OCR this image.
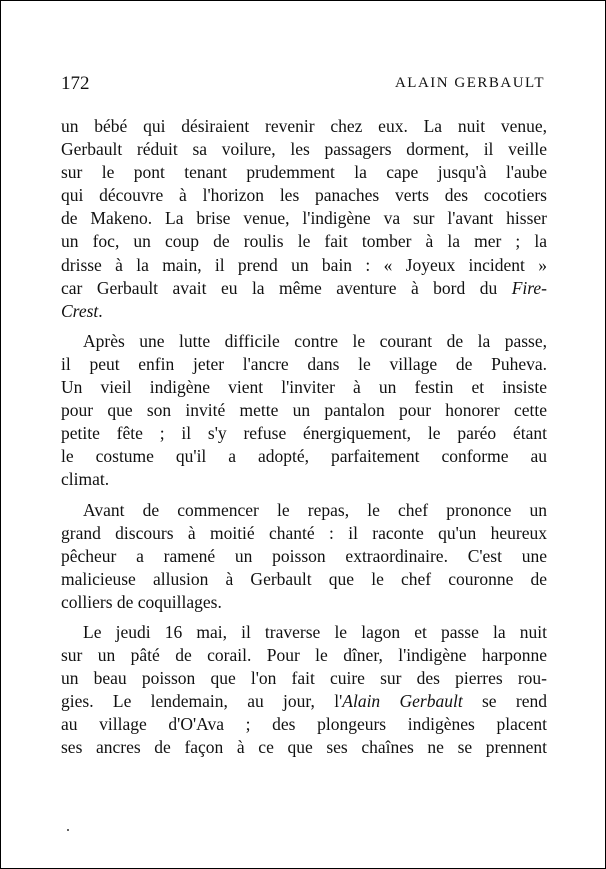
172	ALAIN GERBAULT
un bébé qui désiraient revenir chez eux. La nuit venue,
Gerbault réduit sa voilure, les passagers dorment, il veille
sur le pont tenant prudemment la cape jusqu'à l'aube
qui découvre à l'horizon les panaches verts des cocotiers
de Makeno. La brise venue, l'indigène va sur l'avant hisser
un foc, un coup de roulis le fait tomber à la mer ; la
drisse à la main, il prend un bain : « Joyeux incident »
car Gerbault avait eu la même aventure à bord du Fire-
Crest.
Après une lutte difficile contre le courant de la passe,
il peut enfin jeter l'ancre dans le village de Puheva.
Un vieil indigène vient l'inviter à un festin et insiste
pour que son invité mette un pantalon pour honorer cette
petite fête ; il s'y refuse énergiquement, le paréo étant
le costume qu'il a adopté, parfaitement conforme au
climat.
Avant de commencer le repas, le chef prononce un
grand discours à moitié chanté : il raconte qu'un heureux
pêcheur a ramené un poisson extraordinaire. C'est une
malicieuse allusion à Gerbault que le chef couronne de
colliers de coquillages.
Le jeudi 16 mai, il traverse le lagon et passe la nuit
sur un pâté de corail. Pour le dîner, l'indigène harponne
un beau poisson que l'on fait cuire sur des pierres rou-
gies. Le lendemain, au jour, l'Alain Gerbault se rend
au village d'O'Ava ; des plongeurs indigènes placent
ses ancres de façon à ce que ses chaînes ne se prennent
